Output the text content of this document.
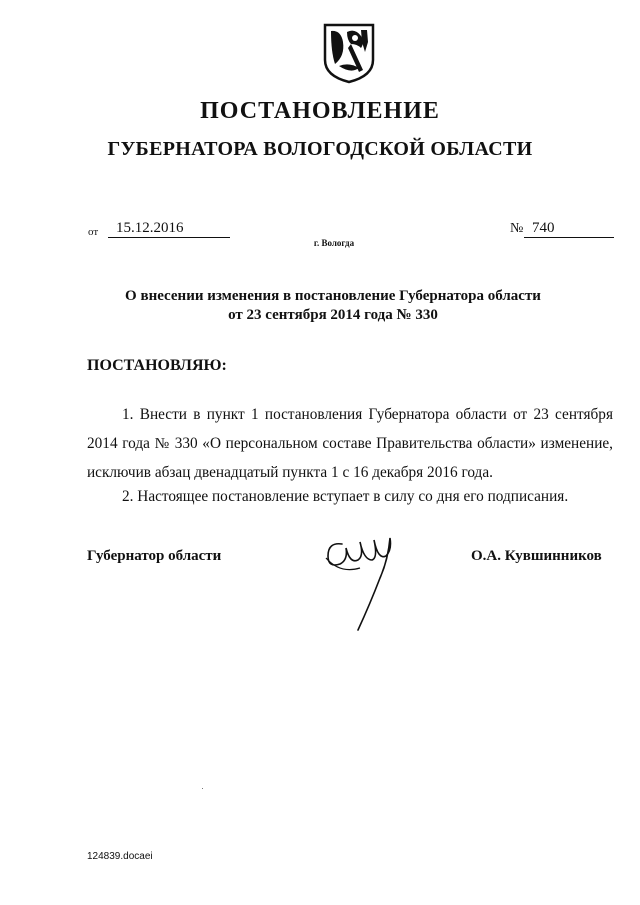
ПОСТАНОВЛЕНИЕ
ГУБЕРНАТОРА ВОЛОГОДСКОЙ ОБЛАСТИ
от	15.12.2016	№ 740
г. Вологда
О внесении изменения в постановление Губернатора области
от 23 сентября 2014 года № 330
ПОСТАНОВЛЯЮ:
1. Внести в пункт 1 постановления Губернатора области от 23 сентября 2014 года № 330 «О персональном составе Правительства области» изменение, исключив абзац двенадцатый пункта 1 с 16 декабря 2016 года.
2. Настоящее постановление вступает в силу со дня его подписания.
Губернатор области	О.А. Кувшинников
124839.docaei
